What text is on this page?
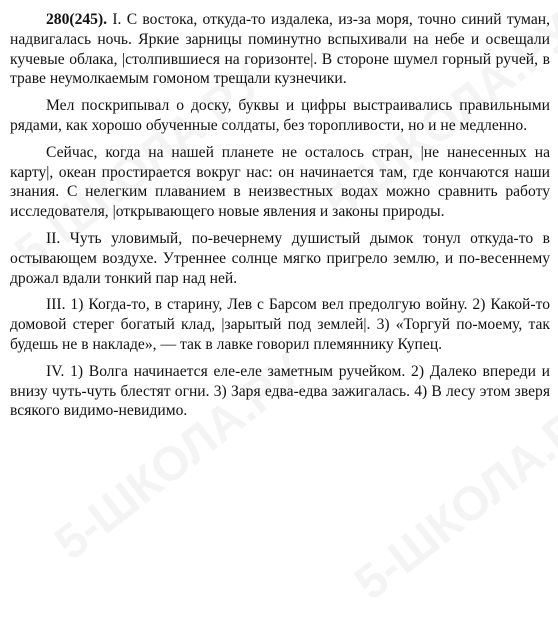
280(245). I. С востока, откуда-то издалека, из-за моря, точно синий туман, надвигалась ночь. Яркие зарницы поминутно вспыхивали на небе и освещали кучевые облака, |столпившиеся на горизонте|. В стороне шумел горный ручей, в траве неумолкаемым гомоном трещали кузнечики.

Мел поскрипывал о доску, буквы и цифры выстраивались правильными рядами, как хорошо обученные солдаты, без торопливости, но и не медленно.

Сейчас, когда на нашей планете не осталось стран, |не нанесенных на карту|, океан простирается вокруг нас: он начинается там, где кончаются наши знания. С нелегким плаванием в неизвестных водах можно сравнить работу исследователя, |открывающего новые явления и законы природы.

II. Чуть уловимый, по-вечернему душистый дымок тонул откуда-то в остывающем воздухе. Утреннее солнце мягко пригрело землю, и по-весеннему дрожал вдали тонкий пар над ней.

III. 1) Когда-то, в старину, Лев с Барсом вел предолгую войну. 2) Какой-то домовой стерег богатый клад, |зарытый под землей|. 3) «Торгуй по-моему, так будешь не в накладе», — так в лавке говорил племяннику Купец.

IV. 1) Волга начинается еле-еле заметным ручейком. 2) Далеко впереди и внизу чуть-чуть блестят огни. 3) Заря едва-едва зажигалась. 4) В лесу этом зверя всякого видимо-невидимо.
